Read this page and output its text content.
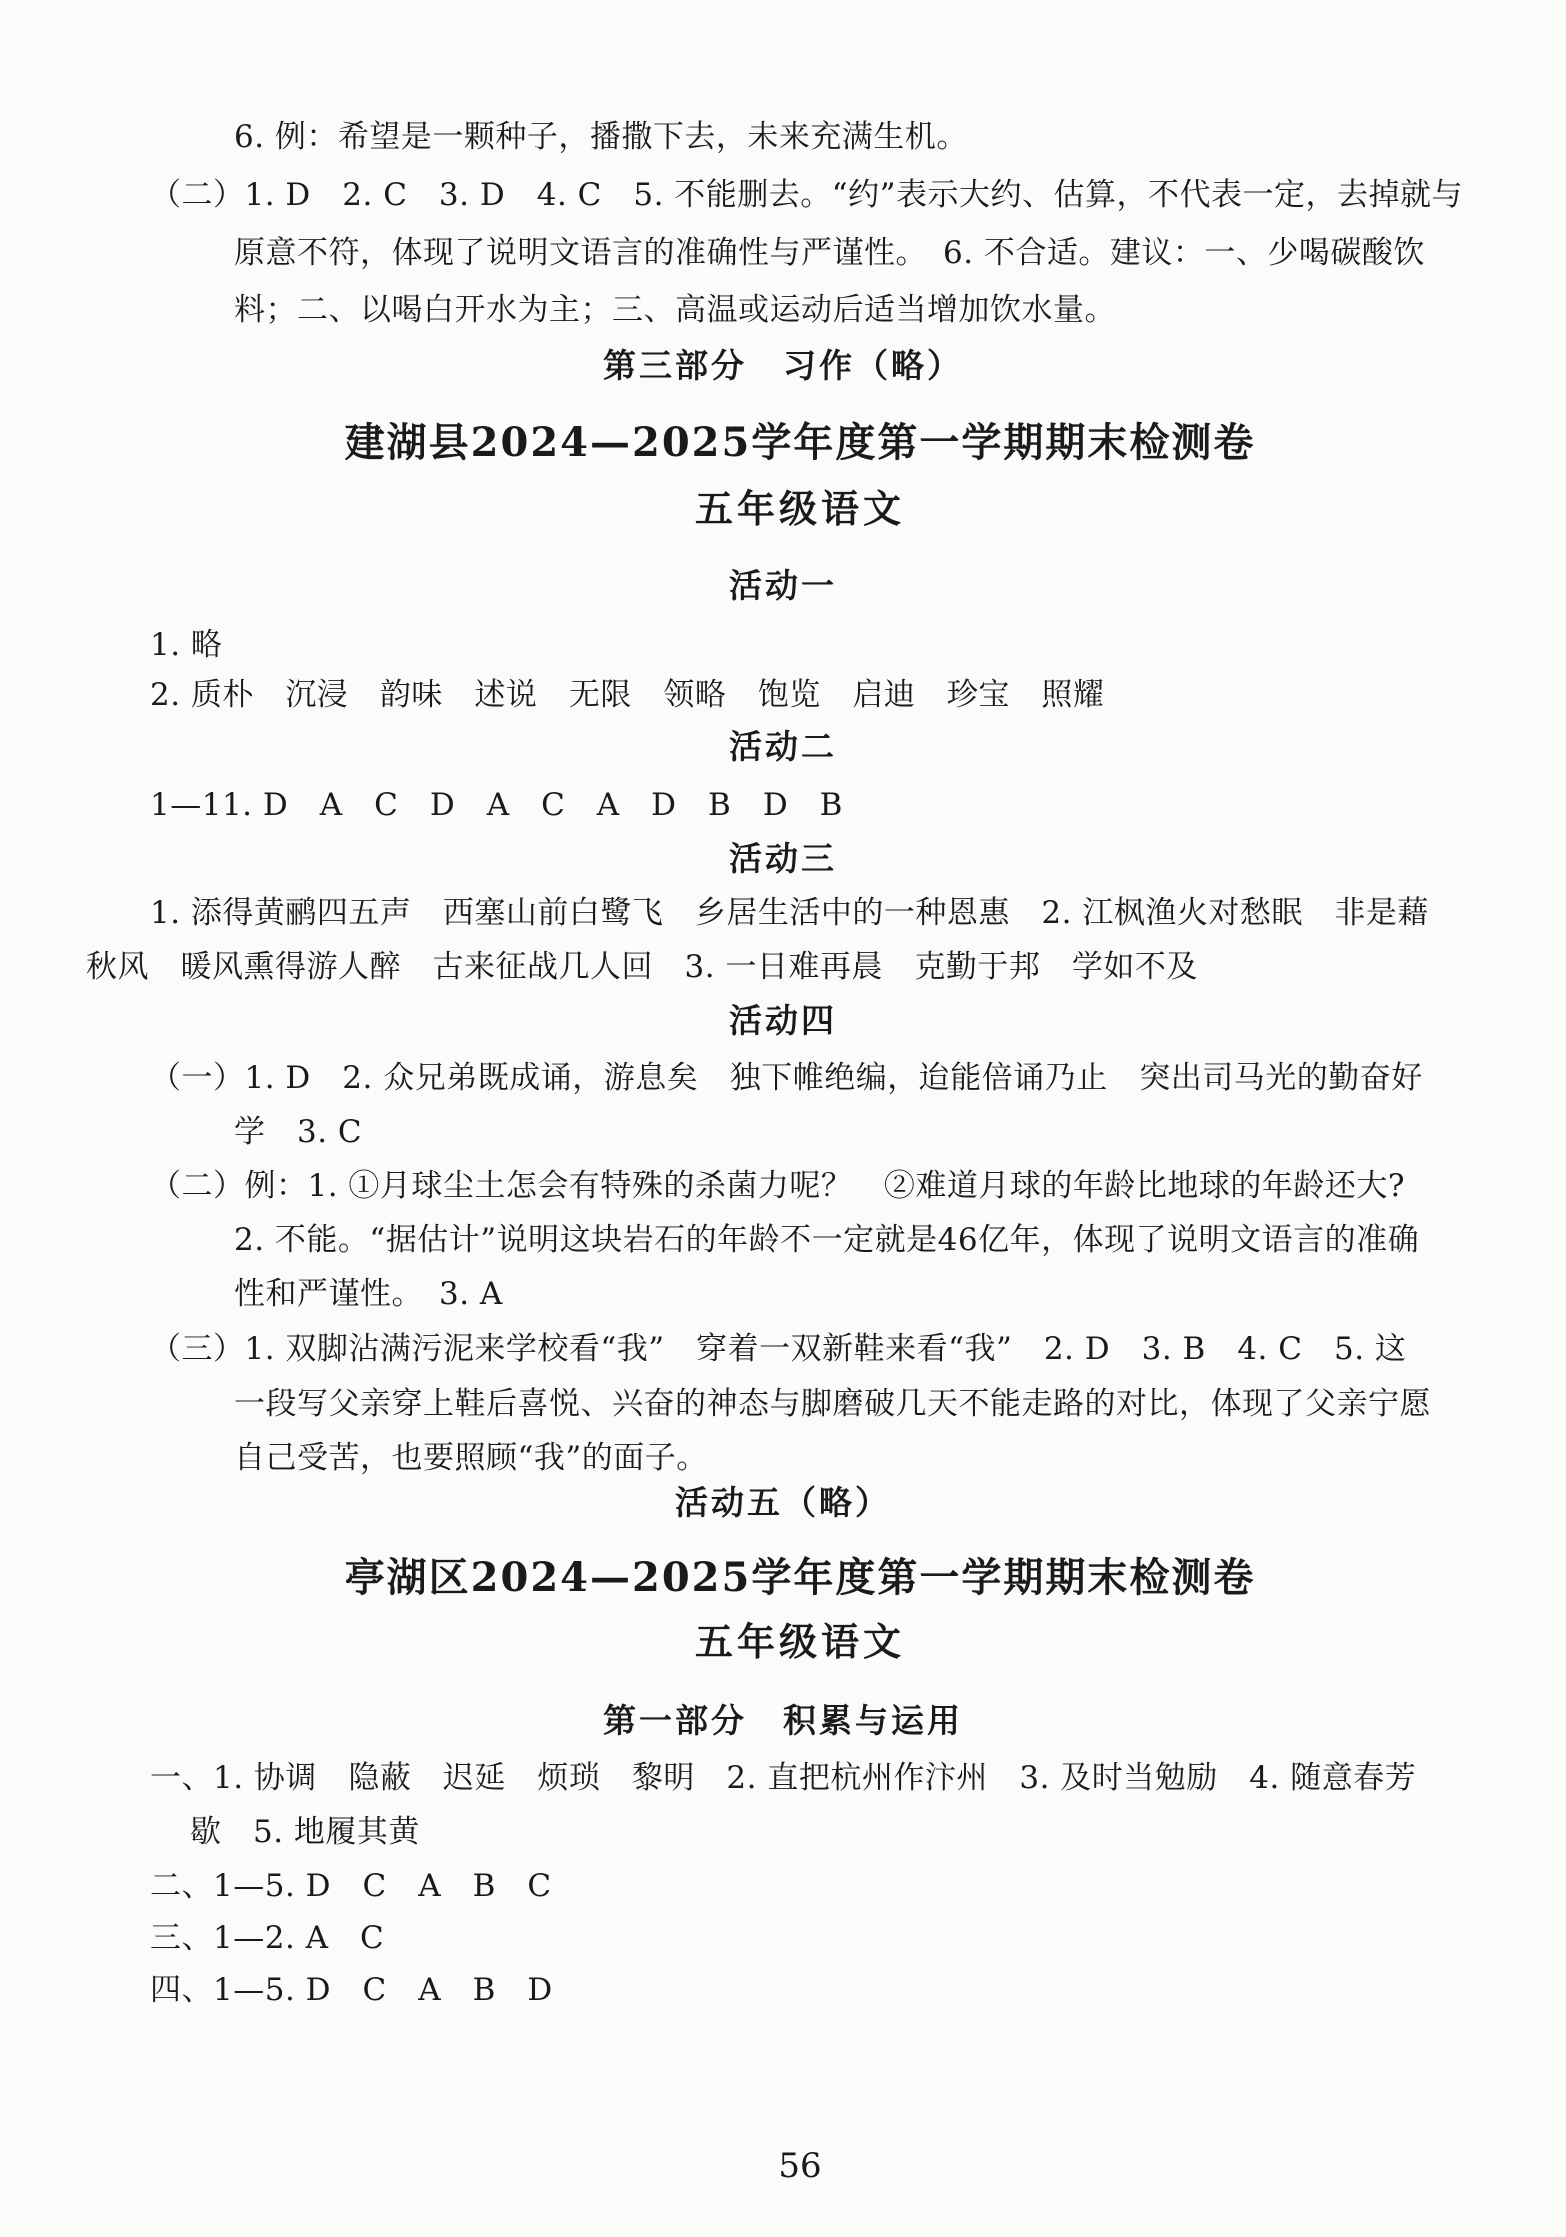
6. 例：希望是一颗种子，播撒下去，未来充满生机。
（二）1. D　2. C　3. D　4. C　5. 不能删去。“约”表示大约、估算，不代表一定，去掉就与
原意不符，体现了说明文语言的准确性与严谨性。　6. 不合适。建议：一、少喝碳酸饮
料；二、以喝白开水为主；三、高温或运动后适当增加饮水量。
第三部分　习作（略）
建湖县2024—2025学年度第一学期期末检测卷
五年级语文
活动一
1. 略
2. 质朴　沉浸　韵味　述说　无限　领略　饱览　启迪　珍宝　照耀
活动二
1—11. D　A　C　D　A　C　A　D　B　D　B
活动三
1. 添得黄鹂四五声　西塞山前白鹭飞　乡居生活中的一种恩惠　2. 江枫渔火对愁眠　非是藉
秋风　暖风熏得游人醉　古来征战几人回　3. 一日难再晨　克勤于邦　学如不及
活动四
（一）1. D　2. 众兄弟既成诵，游息矣　独下帷绝编，迨能倍诵乃止　突出司马光的勤奋好
学　3. C
（二）例：1. ①月球尘土怎会有特殊的杀菌力呢？　②难道月球的年龄比地球的年龄还大?
2. 不能。“据估计”说明这块岩石的年龄不一定就是46亿年，体现了说明文语言的准确
性和严谨性。　3. A
（三）1. 双脚沾满污泥来学校看“我”　穿着一双新鞋来看“我”　2. D　3. B　4. C　5. 这
一段写父亲穿上鞋后喜悦、兴奋的神态与脚磨破几天不能走路的对比，体现了父亲宁愿
自己受苦，也要照顾“我”的面子。
活动五（略）
亭湖区2024—2025学年度第一学期期末检测卷
五年级语文
第一部分　积累与运用
一、1. 协调　隐蔽　迟延　烦琐　黎明　2. 直把杭州作汴州　3. 及时当勉励　4. 随意春芳
歇　5. 地履其黄
二、1—5. D　C　A　B　C
三、1—2. A　C
四、1—5. D　C　A　B　D
56
